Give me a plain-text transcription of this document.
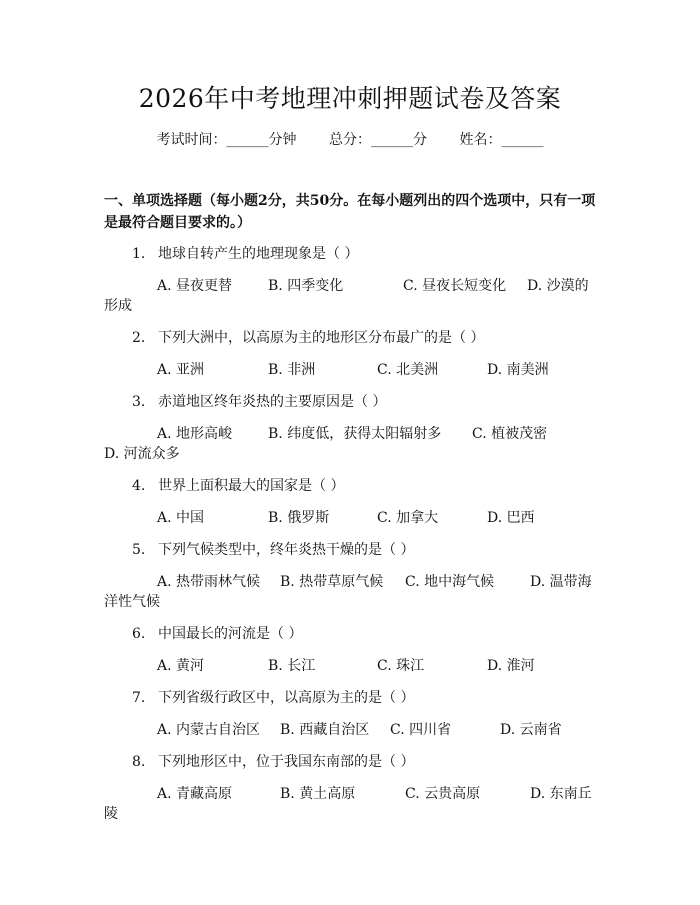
2026年中考地理冲刺押题试卷及答案
考试时间：______分钟 总分：______分 姓名：______
一、单项选择题（每小题2分，共50分。在每小题列出的四个选项中，只有一项是最符合题目要求的。）
1. 地球自转产生的地理现象是（ ）
A. 昼夜更替	B. 四季变化	C. 昼夜长短变化 D. 沙漠的
形成
2. 下列大洲中，以高原为主的地形区分布最广的是（ ）
A. 亚洲	B. 非洲	C. 北美洲	D. 南美洲
3. 赤道地区终年炎热的主要原因是（ ）
A. 地形高峻	B. 纬度低，获得太阳辐射多 C. 植被茂密
D. 河流众多
4. 世界上面积最大的国家是（ ）
A. 中国	B. 俄罗斯	C. 加拿大	D. 巴西
5. 下列气候类型中，终年炎热干燥的是（ ）
A. 热带雨林气候 B. 热带草原气候 C. 地中海气候	D. 温带海
洋性气候
6. 中国最长的河流是（ ）
A. 黄河	B. 长江	C. 珠江	D. 淮河
7. 下列省级行政区中，以高原为主的是（ ）
A. 内蒙古自治区 B. 西藏自治区 C. 四川省	D. 云南省
8. 下列地形区中，位于我国东南部的是（ ）
A. 青藏高原	B. 黄土高原	C. 云贵高原	D. 东南丘
陵
